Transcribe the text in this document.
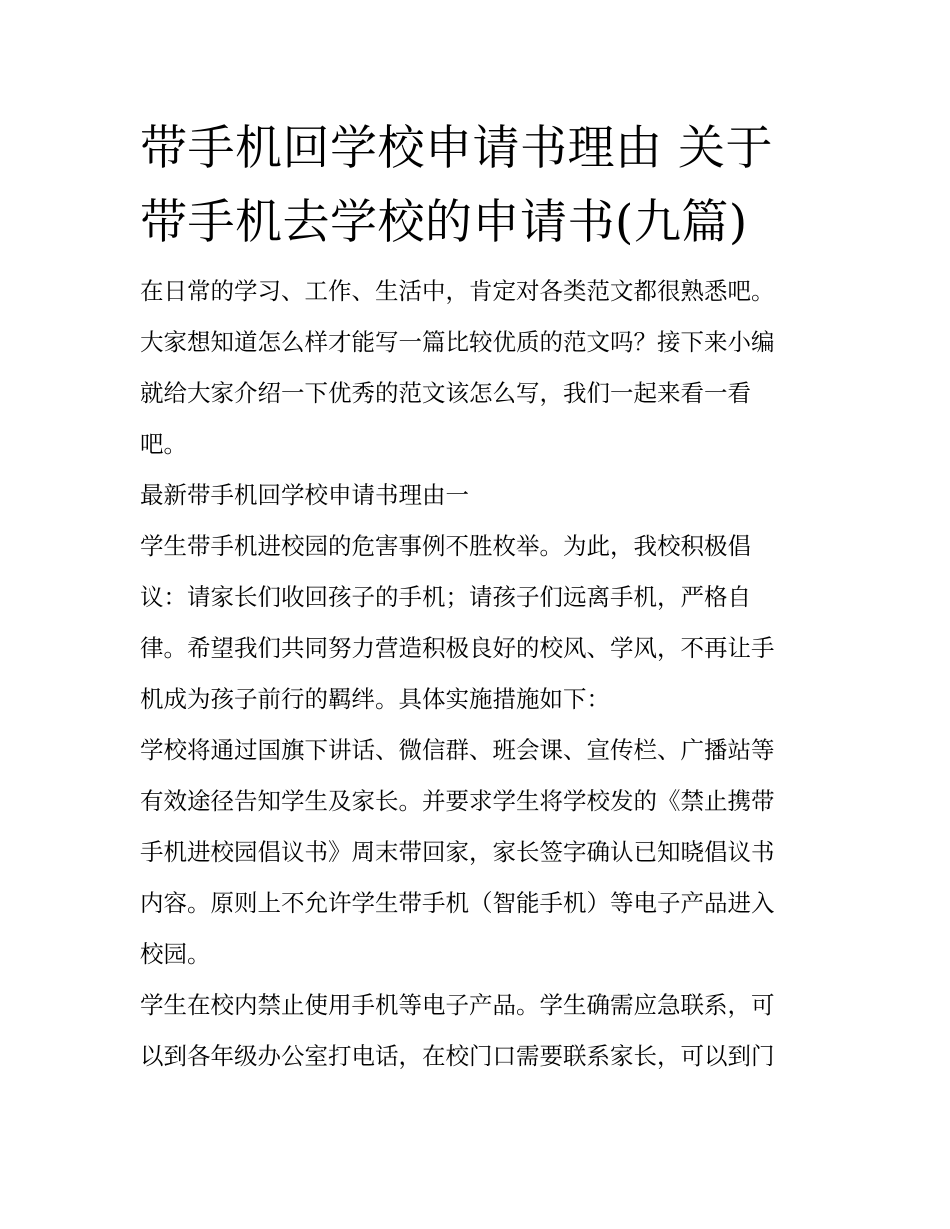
带手机回学校申请书理由 关于
带手机去学校的申请书(九篇)
在日常的学习、工作、生活中，肯定对各类范文都很熟悉吧。
大家想知道怎么样才能写一篇比较优质的范文吗？接下来小编
就给大家介绍一下优秀的范文该怎么写，我们一起来看一看
吧。
最新带手机回学校申请书理由一
学生带手机进校园的危害事例不胜枚举。为此，我校积极倡
议：请家长们收回孩子的手机；请孩子们远离手机，严格自
律。希望我们共同努力营造积极良好的校风、学风，不再让手
机成为孩子前行的羁绊。具体实施措施如下：
学校将通过国旗下讲话、微信群、班会课、宣传栏、广播站等
有效途径告知学生及家长。并要求学生将学校发的《禁止携带
手机进校园倡议书》周末带回家，家长签字确认已知晓倡议书
内容。原则上不允许学生带手机（智能手机）等电子产品进入
校园。
学生在校内禁止使用手机等电子产品。学生确需应急联系，可
以到各年级办公室打电话，在校门口需要联系家长，可以到门
